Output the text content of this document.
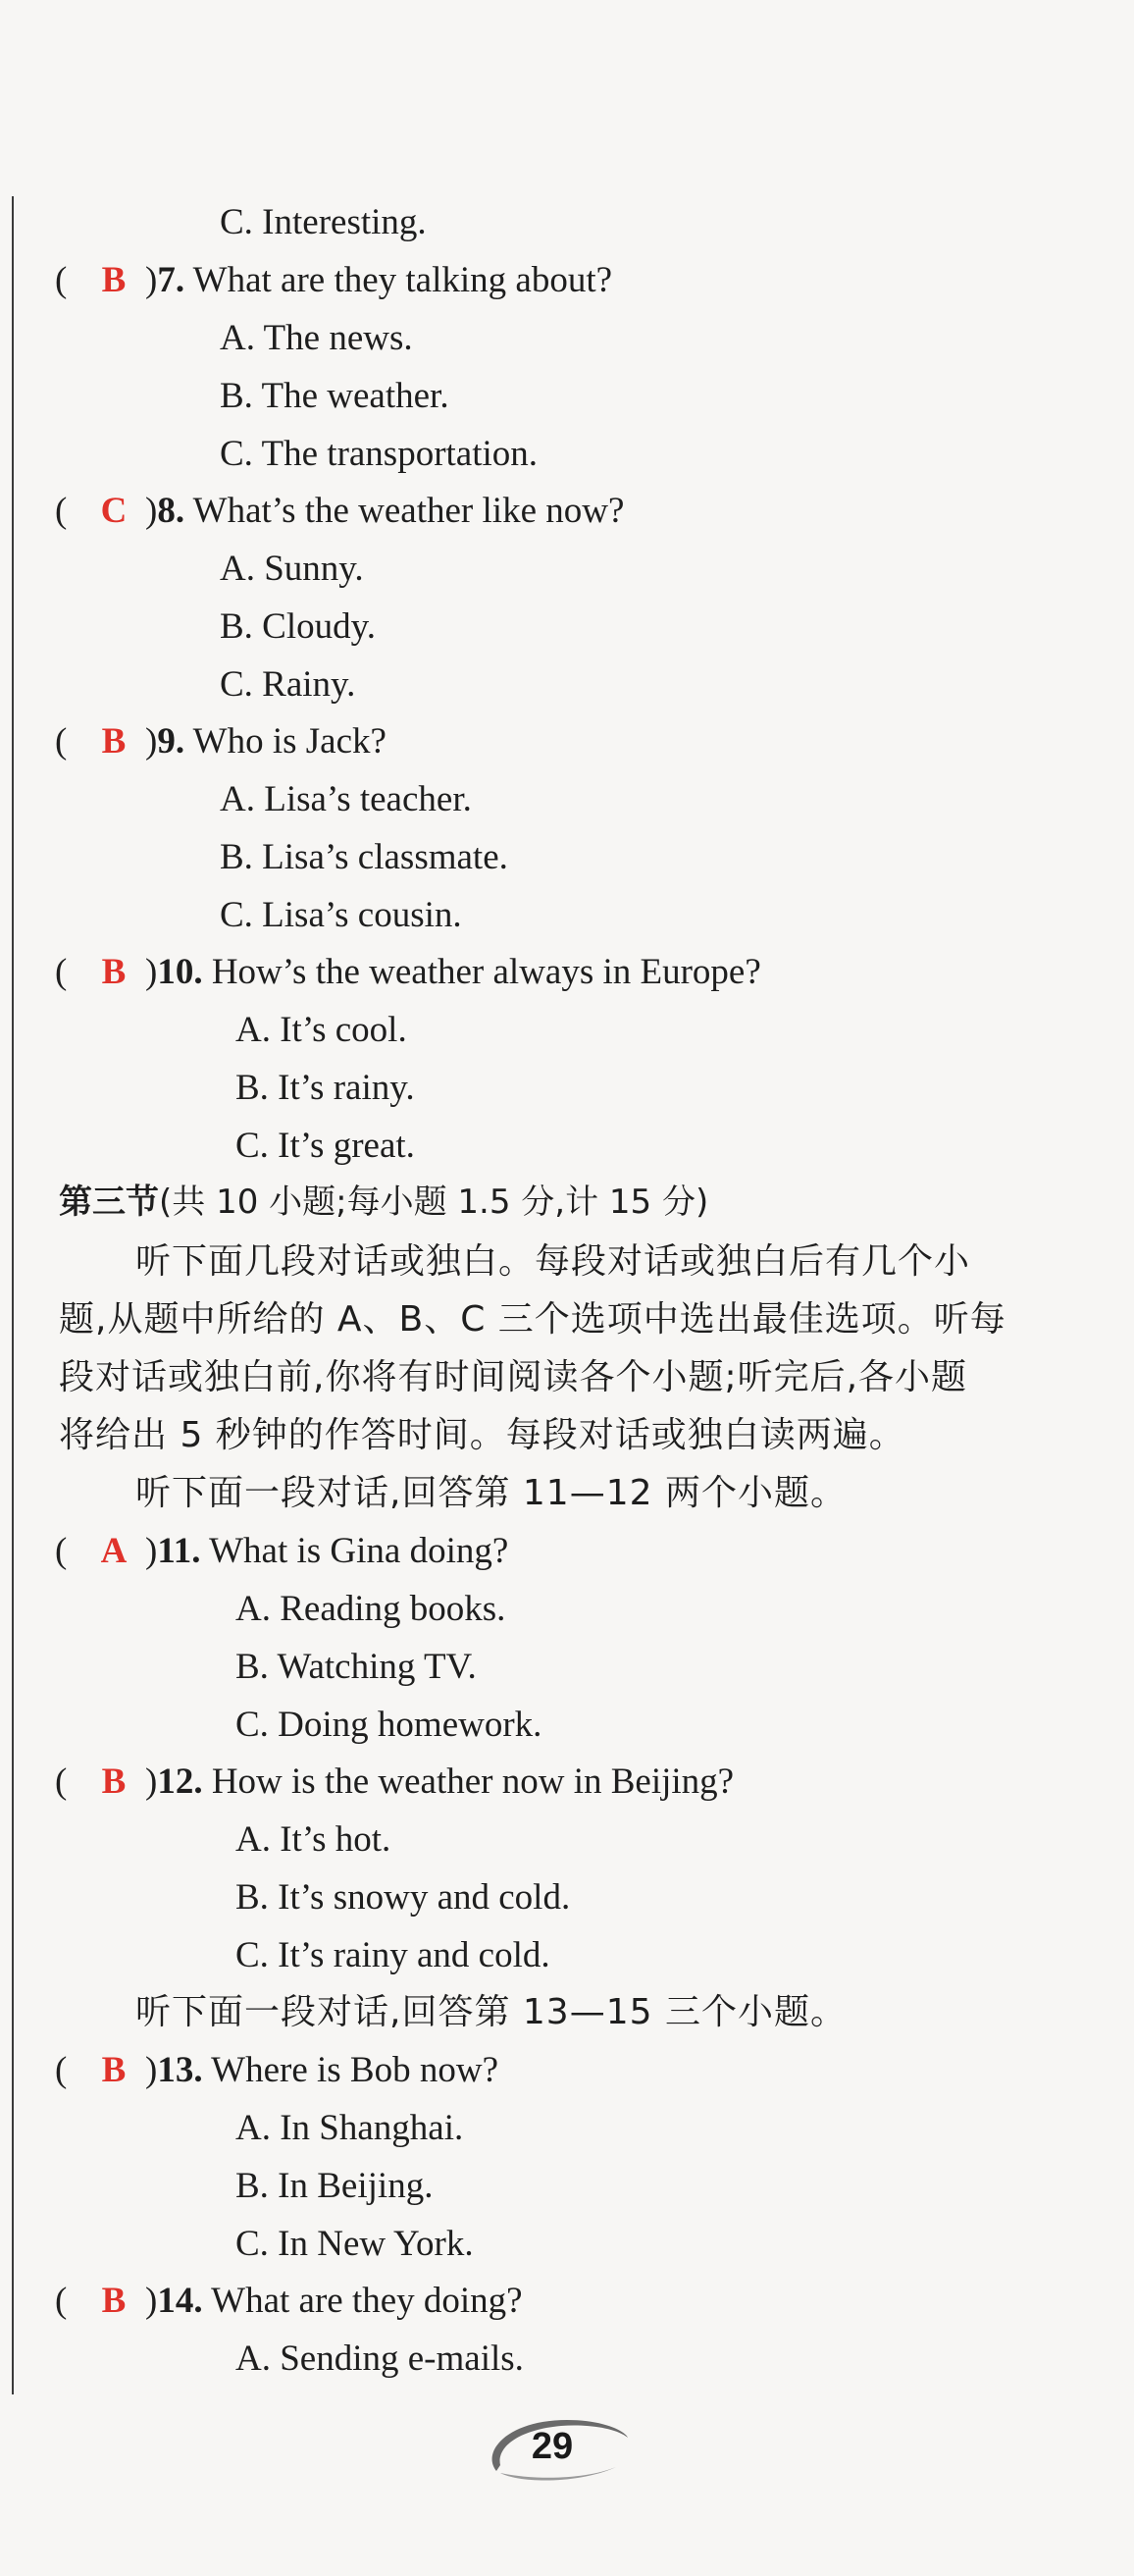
C. Interesting.
( B )7. What are they talking about?
A. The news.
B. The weather.
C. The transportation.
( C )8. What’s the weather like now?
A. Sunny.
B. Cloudy.
C. Rainy.
( B )9. Who is Jack?
A. Lisa’s teacher.
B. Lisa’s classmate.
C. Lisa’s cousin.
( B )10. How’s the weather always in Europe?
A. It’s cool.
B. It’s rainy.
C. It’s great.
第三节(共 10 小题;每小题 1.5 分,计 15 分)
听下面几段对话或独白。每段对话或独白后有几个小
题,从题中所给的 A、B、C 三个选项中选出最佳选项。听每
段对话或独白前,你将有时间阅读各个小题;听完后,各小题
将给出 5 秒钟的作答时间。每段对话或独白读两遍。
听下面一段对话,回答第 11—12 两个小题。
( A )11. What is Gina doing?
A. Reading books.
B. Watching TV.
C. Doing homework.
( B )12. How is the weather now in Beijing?
A. It’s hot.
B. It’s snowy and cold.
C. It’s rainy and cold.
听下面一段对话,回答第 13—15 三个小题。
( B )13. Where is Bob now?
A. In Shanghai.
B. In Beijing.
C. In New York.
( B )14. What are they doing?
A. Sending e-mails.
29
